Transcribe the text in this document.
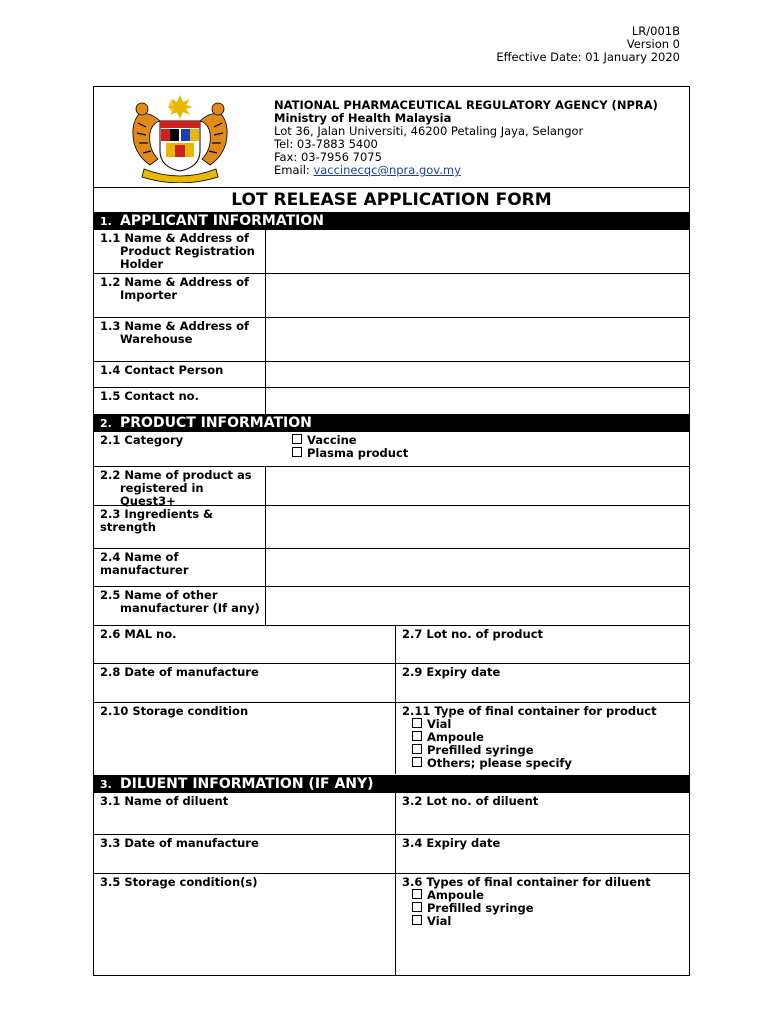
LR/001B
Version 0
Effective Date: 01 January 2020
NATIONAL PHARMACEUTICAL REGULATORY AGENCY (NPRA)
Ministry of Health Malaysia
Lot 36, Jalan Universiti, 46200 Petaling Jaya, Selangor
Tel: 03-7883 5400
Fax: 03-7956 7075
Email: vaccinecqc@npra.gov.my
LOT RELEASE APPLICATION FORM
1. APPLICANT INFORMATION
1.1 Name & Address of Product Registration Holder
1.2 Name & Address of Importer
1.3 Name & Address of Warehouse
1.4 Contact Person
1.5 Contact no.
2. PRODUCT INFORMATION
2.1 Category	Vaccine
Plasma product
2.2 Name of product as registered in Quest3+
2.3 Ingredients & strength
2.4 Name of manufacturer
2.5 Name of other manufacturer (If any)
2.6 MAL no.	2.7 Lot no. of product
2.8 Date of manufacture	2.9 Expiry date
2.10 Storage condition	2.11 Type of final container for product
Vial
Ampoule
Prefilled syringe
Others; please specify
3. DILUENT INFORMATION (IF ANY)
3.1 Name of diluent	3.2 Lot no. of diluent
3.3 Date of manufacture	3.4 Expiry date
3.5 Storage condition(s)	3.6 Types of final container for diluent
Ampoule
Prefilled syringe
Vial
